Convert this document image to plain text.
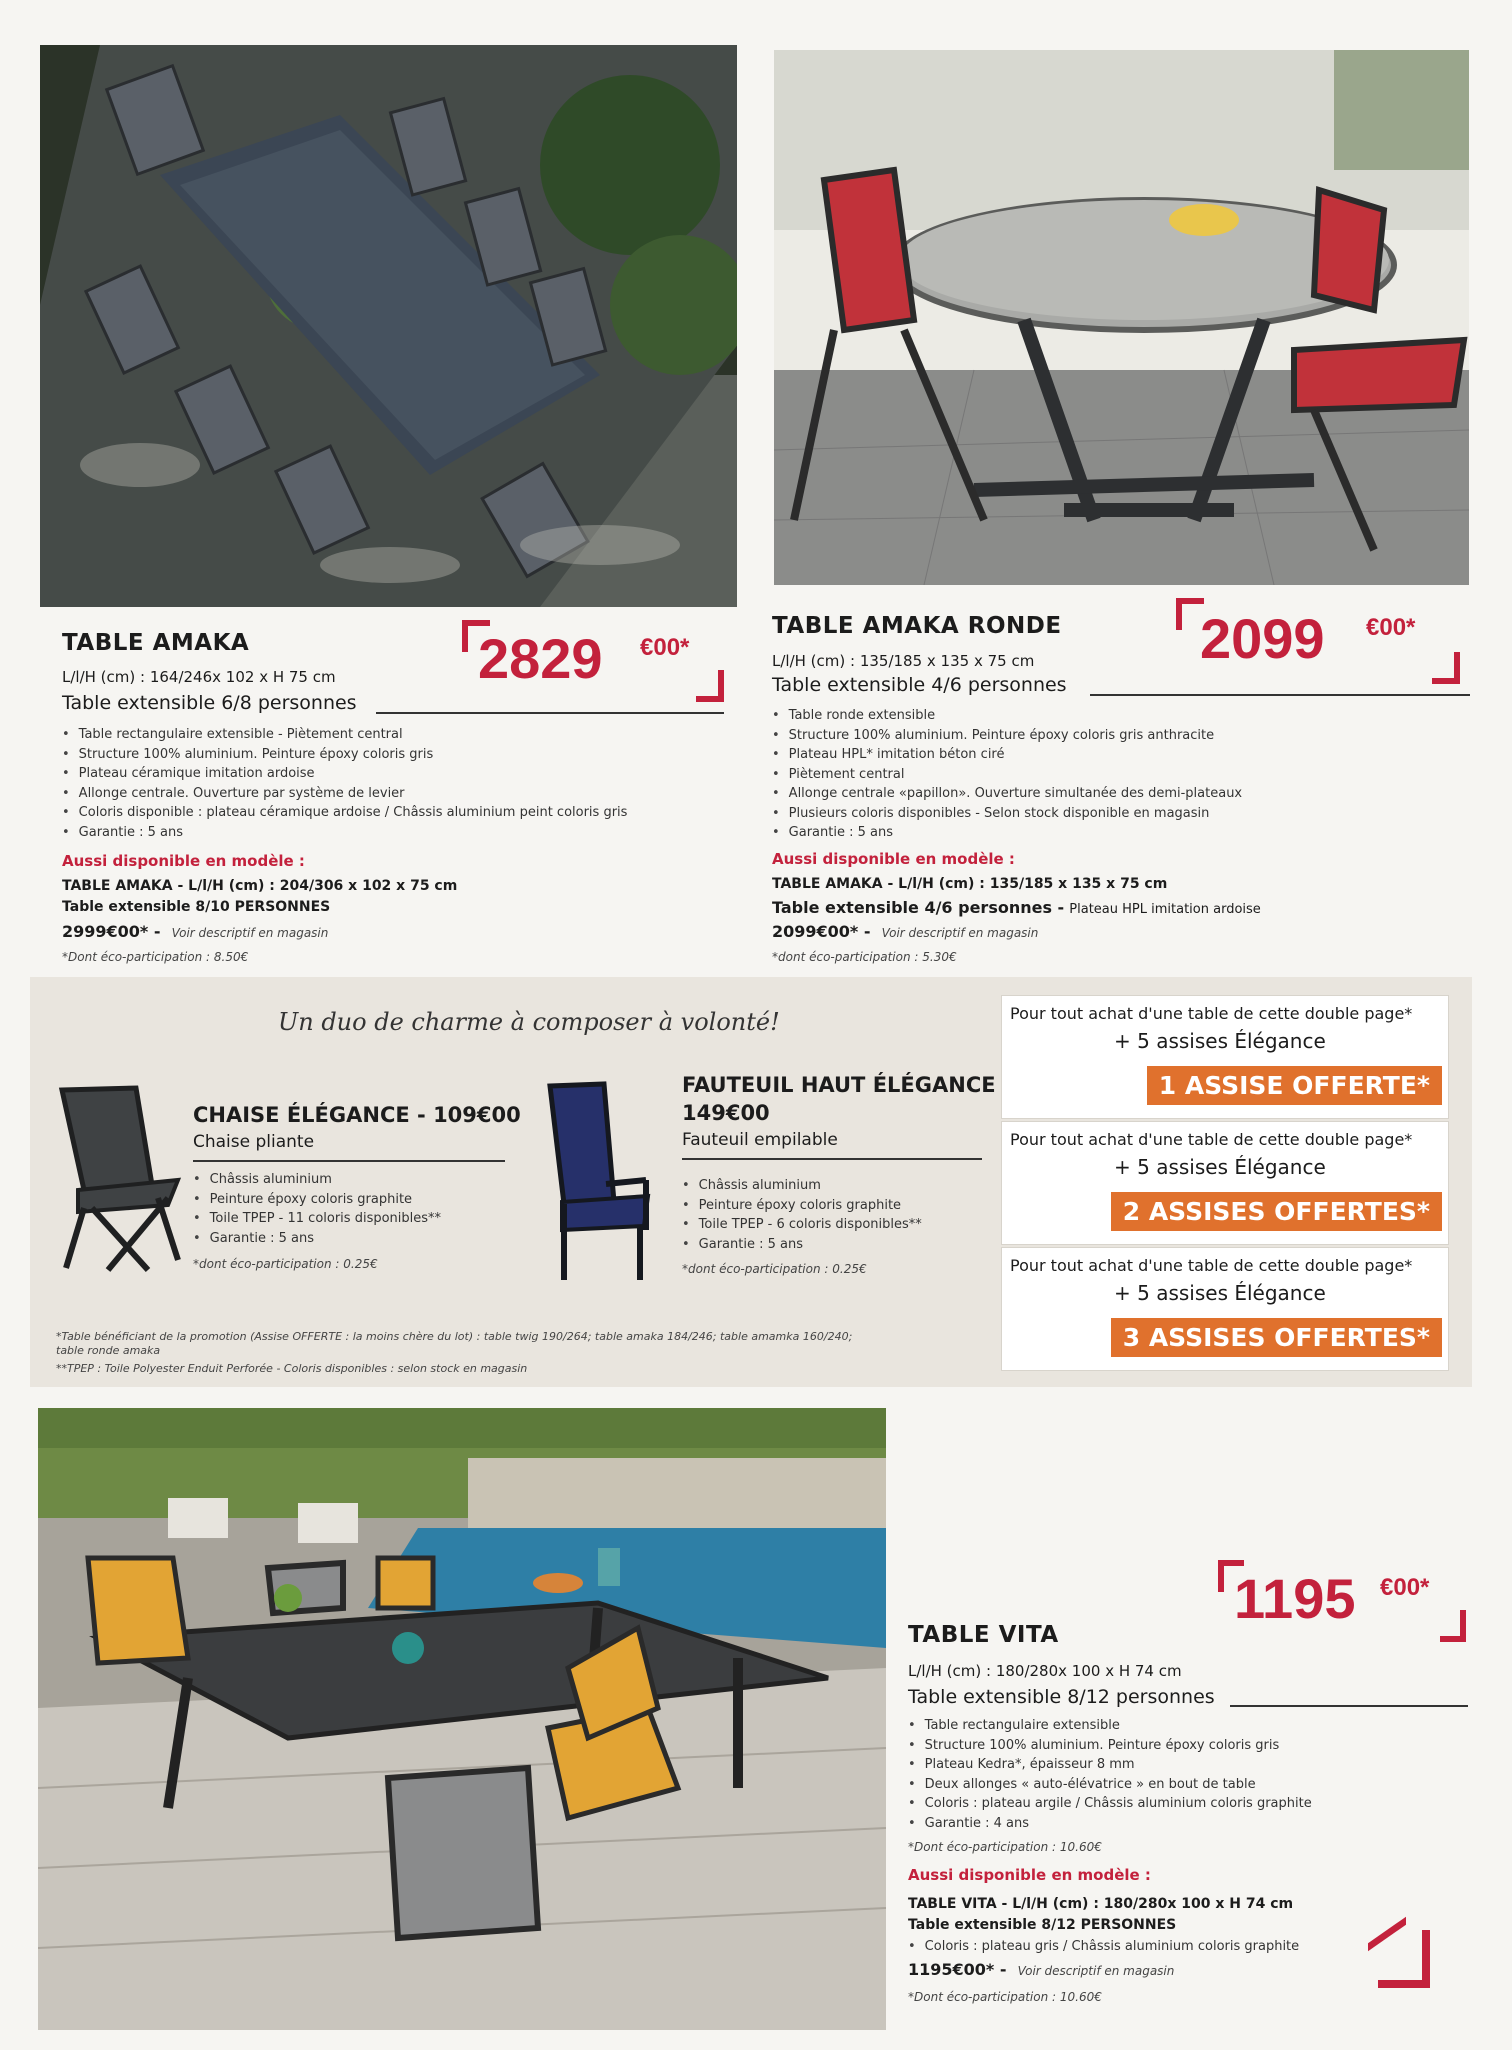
TABLE AMAKA
L/l/H (cm) : 164/246x 102 x H 75 cm
Table extensible 6/8 personnes
• Table rectangulaire extensible - Piètement central
• Structure 100% aluminium. Peinture époxy coloris gris
• Plateau céramique imitation ardoise
• Allonge centrale. Ouverture par système de levier
• Coloris disponible : plateau céramique ardoise / Châssis aluminium peint coloris gris
• Garantie : 5 ans
Aussi disponible en modèle :
TABLE AMAKA - L/l/H (cm) : 204/306 x 102 x 75 cm
Table extensible 8/10 PERSONNES
2999€00* - Voir descriptif en magasin
*Dont éco-participation : 8.50€
2829 €00*
TABLE AMAKA RONDE
L/l/H (cm) : 135/185 x 135 x 75 cm
Table extensible 4/6 personnes
• Table ronde extensible
• Structure 100% aluminium. Peinture époxy coloris gris anthracite
• Plateau HPL* imitation béton ciré
• Piètement central
• Allonge centrale «papillon». Ouverture simultanée des demi-plateaux
• Plusieurs coloris disponibles - Selon stock disponible en magasin
• Garantie : 5 ans
Aussi disponible en modèle :
TABLE AMAKA - L/l/H (cm) : 135/185 x 135 x 75 cm
Table extensible 4/6 personnes - Plateau HPL imitation ardoise
2099€00* - Voir descriptif en magasin
*dont éco-participation : 5.30€
2099 €00*
Un duo de charme à composer à volonté!
CHAISE ÉLÉGANCE - 109€00
Chaise pliante
• Châssis aluminium
• Peinture époxy coloris graphite
• Toile TPEP - 11 coloris disponibles**
• Garantie : 5 ans
*dont éco-participation : 0.25€
FAUTEUIL HAUT ÉLÉGANCE
149€00
Fauteuil empilable
• Châssis aluminium
• Peinture époxy coloris graphite
• Toile TPEP - 6 coloris disponibles**
• Garantie : 5 ans
*dont éco-participation : 0.25€
Pour tout achat d'une table de cette double page*
+ 5 assises Élégance
1 ASSISE OFFERTE*
Pour tout achat d'une table de cette double page*
+ 5 assises Élégance
2 ASSISES OFFERTES*
Pour tout achat d'une table de cette double page*
+ 5 assises Élégance
3 ASSISES OFFERTES*
*Table bénéficiant de la promotion (Assise OFFERTE : la moins chère du lot) : table twig 190/264; table amaka 184/246; table amamka 160/240;
table ronde amaka
**TPEP : Toile Polyester Enduit Perforée - Coloris disponibles : selon stock en magasin
1195 €00*
TABLE VITA
L/l/H (cm) : 180/280x 100 x H 74 cm
Table extensible 8/12 personnes
• Table rectangulaire extensible
• Structure 100% aluminium. Peinture époxy coloris gris
• Plateau Kedra*, épaisseur 8 mm
• Deux allonges « auto-élévatrice » en bout de table
• Coloris : plateau argile / Châssis aluminium coloris graphite
• Garantie : 4 ans
*Dont éco-participation : 10.60€
Aussi disponible en modèle :
TABLE VITA - L/l/H (cm) : 180/280x 100 x H 74 cm
Table extensible 8/12 PERSONNES
• Coloris : plateau gris / Châssis aluminium coloris graphite
1195€00* - Voir descriptif en magasin
*Dont éco-participation : 10.60€
